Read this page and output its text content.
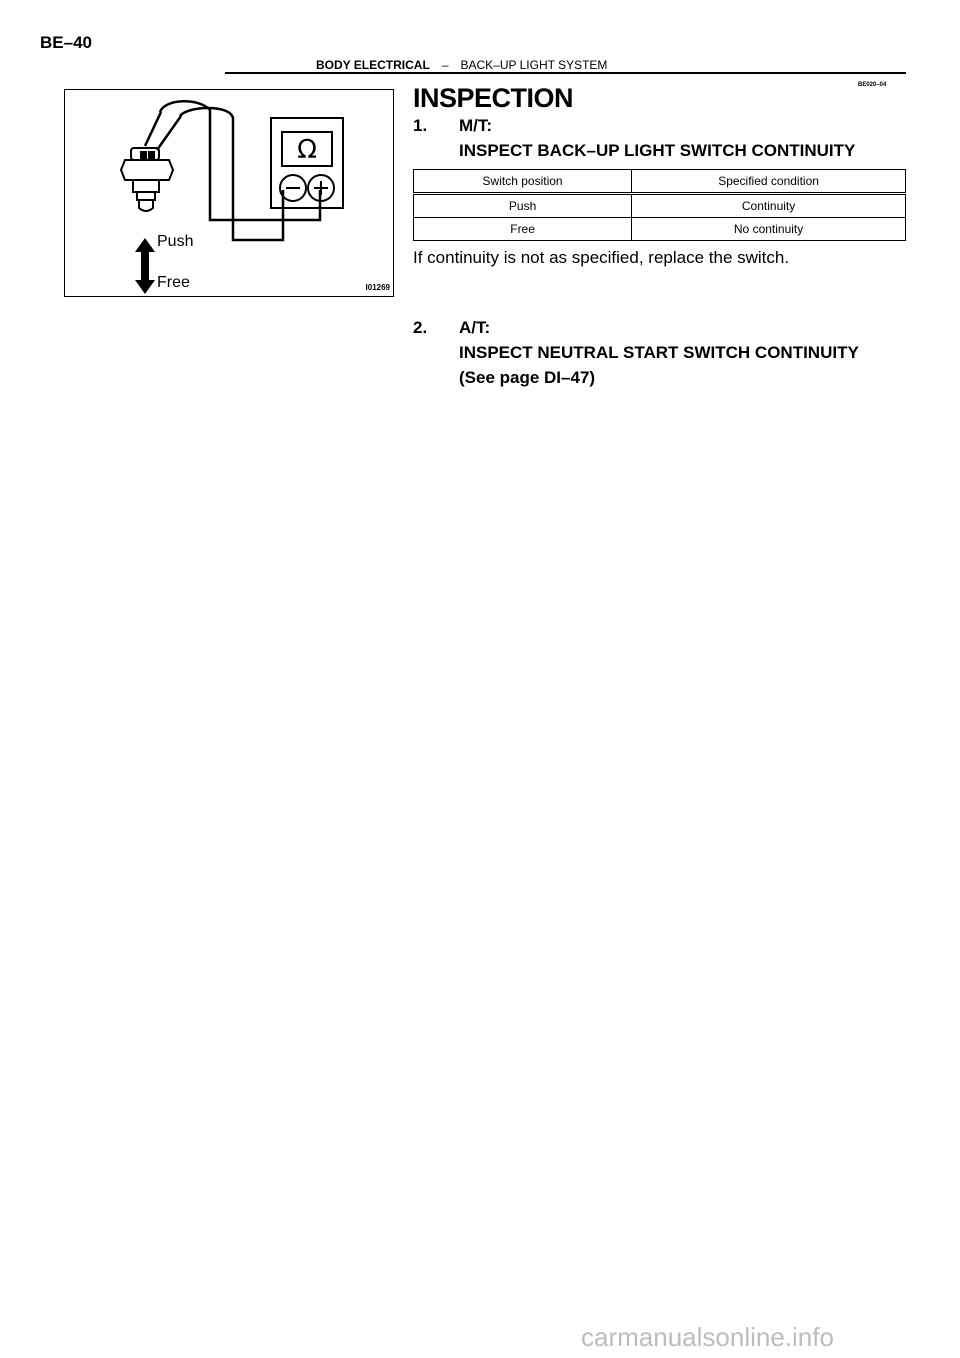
BE–40
BODY ELECTRICAL – BACK–UP LIGHT SYSTEM
BE020–04
Ω
Push
Free	I01269
INSPECTION
1. M/T:
INSPECT BACK–UP LIGHT SWITCH CONTINUITY
Switch position	Specified condition
Push	Continuity
Free	No continuity
If continuity is not as specified, replace the switch.
2. A/T:
INSPECT NEUTRAL START SWITCH CONTINUITY
(See page DI–47)
carmanualsonline.info
